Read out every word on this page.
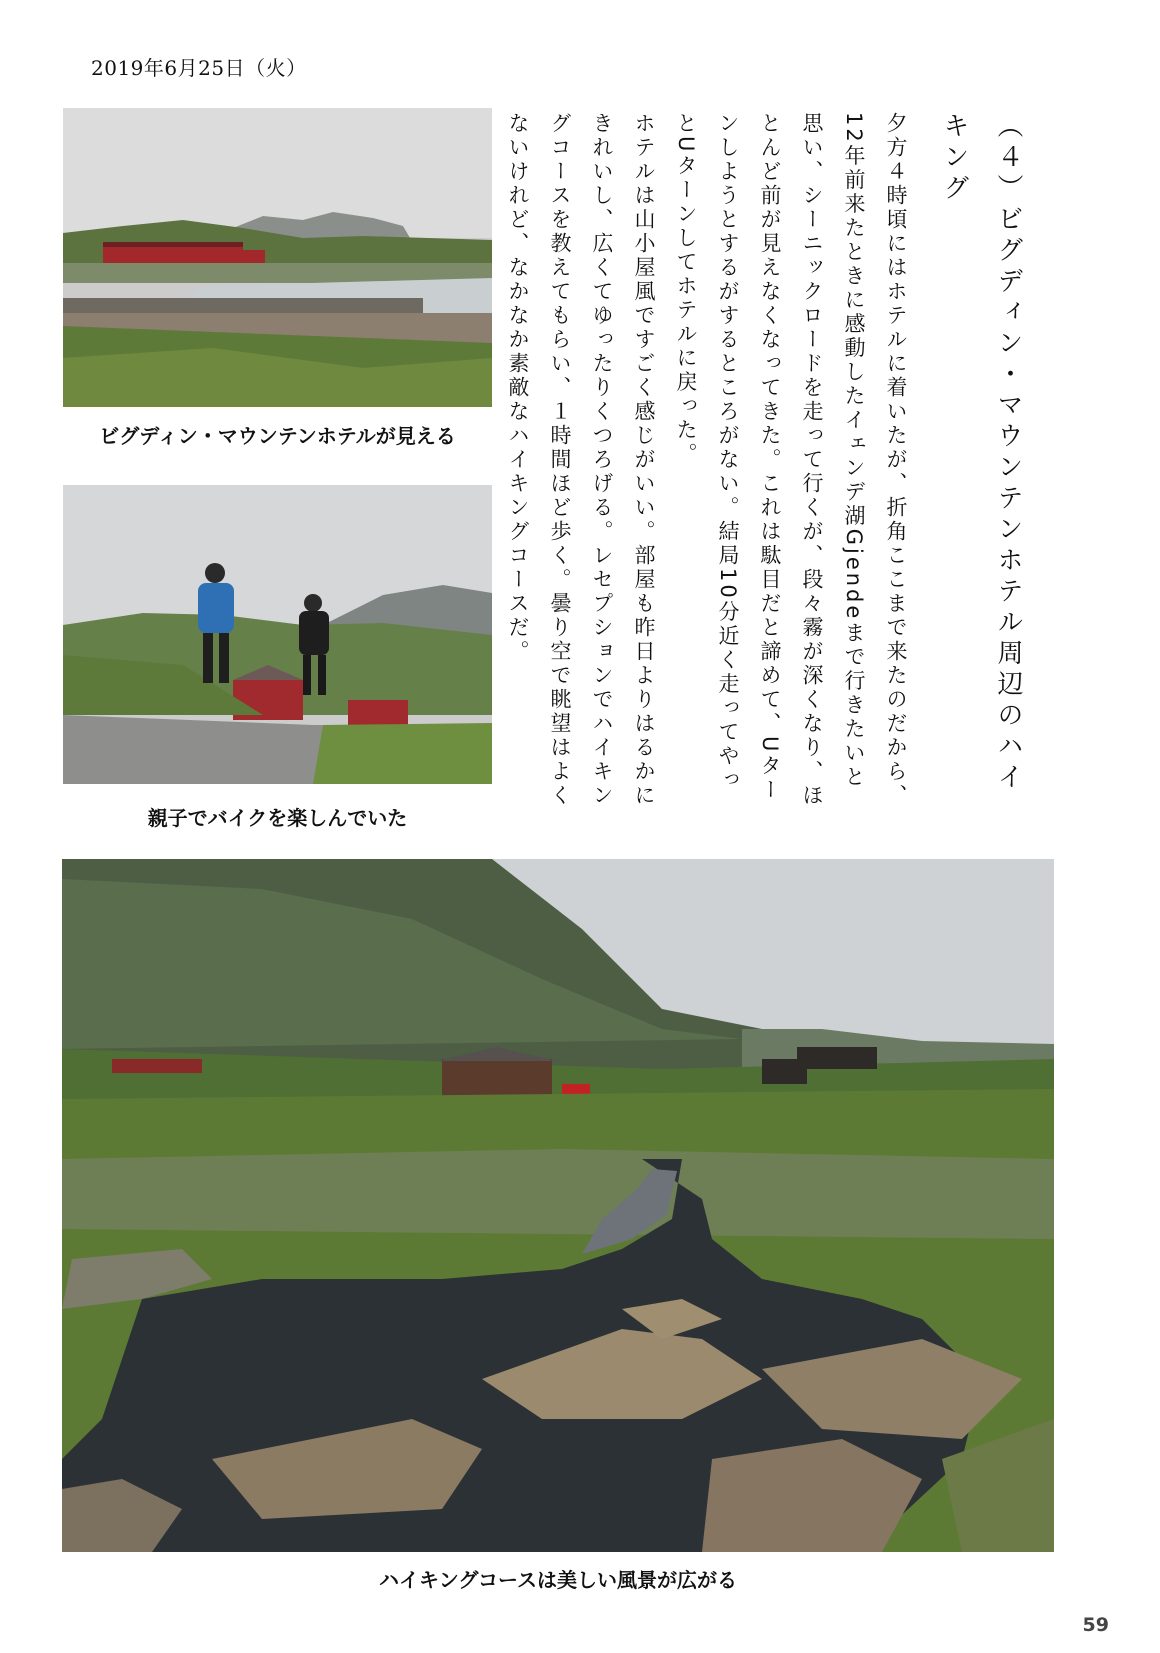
2019年6月25日（火）
ビグディン・マウンテンホテルが見える
親子でバイクを楽しんでいた
（４）ビグディン・マウンテンホテル周辺のハイキング

夕方４時頃にはホテルに着いたが、折角ここまで来たのだから、12年前来たときに感動したイェンデ湖Gjendeまで行きたいと思い、シーニックロードを走って行くが、段々霧が深くなり、ほとんど前が見えなくなってきた。これは駄目だと諦めて、Uターンしようとするがするところがない。結局10分近く走ってやっとUターンしてホテルに戻った。

ホテルは山小屋風ですごく感じがいい。部屋も昨日よりはるかにきれいし、広くてゆったりくつろげる。レセプションでハイキングコースを教えてもらい、１時間ほど歩く。曇り空で眺望はよくないけれど、なかなか素敵なハイキングコースだ。

ハイキングコースは美しい風景が広がる
59
